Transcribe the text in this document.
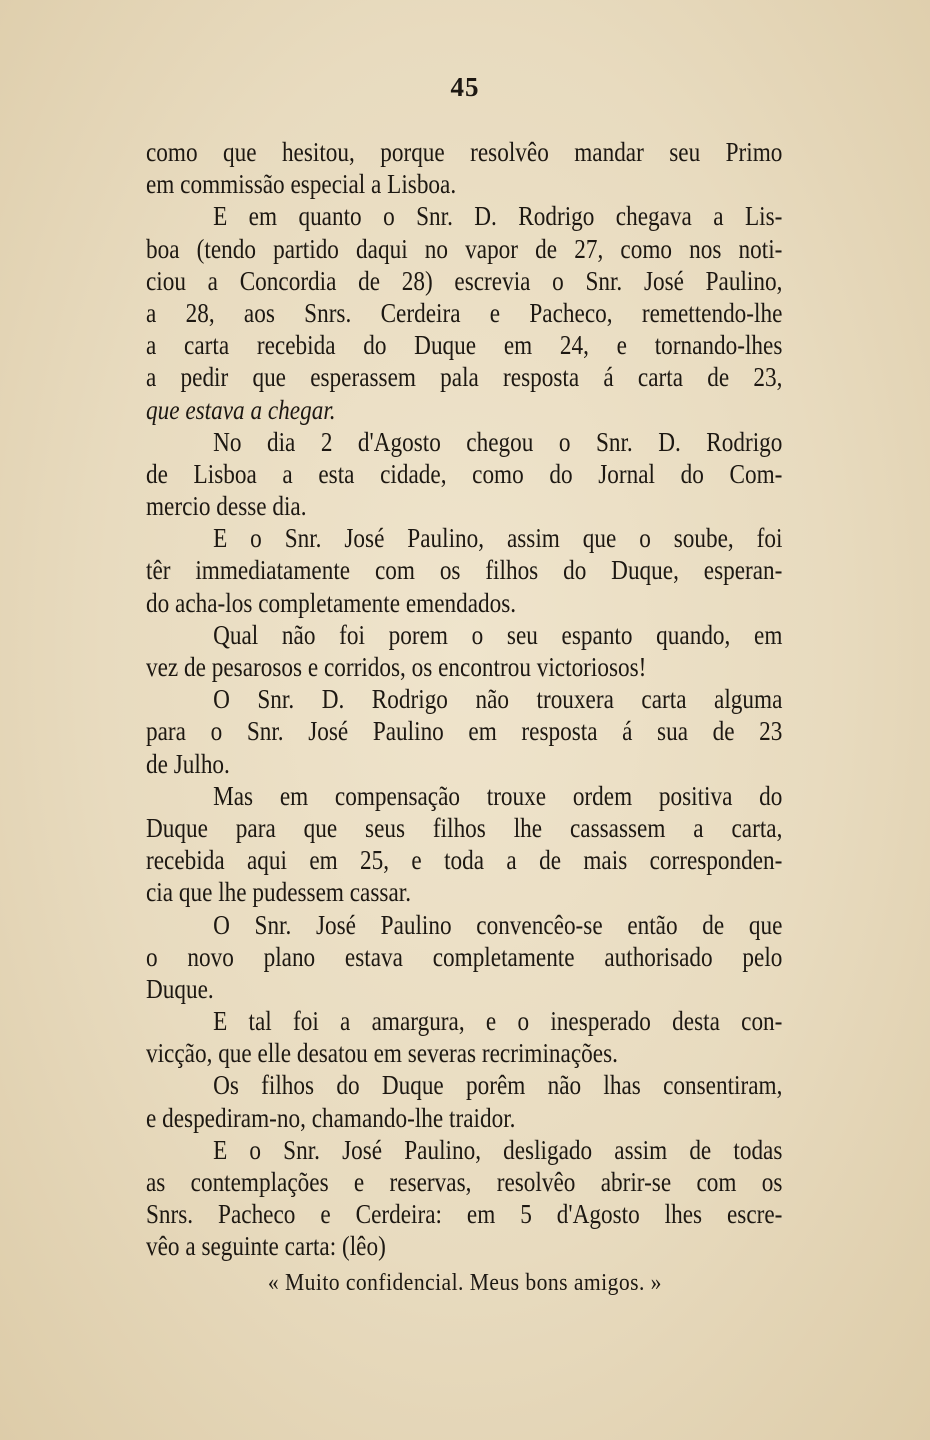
45
como que hesitou, porque resolvêo mandar seu Primo
em commissão especial a Lisboa.
E em quanto o Snr. D. Rodrigo chegava a Lis-
boa (tendo partido daqui no vapor de 27, como nos noti-
ciou a Concordia de 28) escrevia o Snr. José Paulino,
a 28, aos Snrs. Cerdeira e Pacheco, remettendo-lhe
a carta recebida do Duque em 24, e tornando-lhes
a pedir que esperassem pala resposta á carta de 23,
que estava a chegar.
No dia 2 d'Agosto chegou o Snr. D. Rodrigo
de Lisboa a esta cidade, como do Jornal do Com-
mercio desse dia.
E o Snr. José Paulino, assim que o soube, foi
têr immediatamente com os filhos do Duque, esperan-
do acha-los completamente emendados.
Qual não foi porem o seu espanto quando, em
vez de pesarosos e corridos, os encontrou victoriosos!
O Snr. D. Rodrigo não trouxera carta alguma
para o Snr. José Paulino em resposta á sua de 23
de Julho.
Mas em compensação trouxe ordem positiva do
Duque para que seus filhos lhe cassassem a carta,
recebida aqui em 25, e toda a de mais corresponden-
cia que lhe pudessem cassar.
O Snr. José Paulino convencêo-se então de que
o novo plano estava completamente authorisado pelo
Duque.
E tal foi a amargura, e o inesperado desta con-
vicção, que elle desatou em severas recriminações.
Os filhos do Duque porêm não lhas consentiram,
e despediram-no, chamando-lhe traidor.
E o Snr. José Paulino, desligado assim de todas
as contemplações e reservas, resolvêo abrir-se com os
Snrs. Pacheco e Cerdeira: em 5 d'Agosto lhes escre-
vêo a seguinte carta: (lêo)
« Muito confidencial. Meus bons amigos. »
